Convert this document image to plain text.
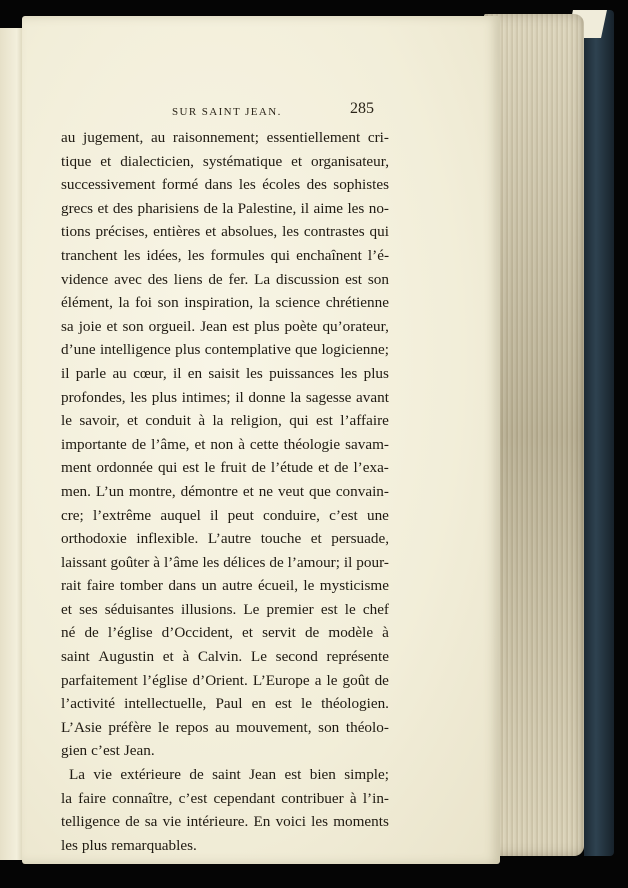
SUR SAINT JEAN.	285
au jugement, au raisonnement; essentiellement cri-
tique et dialecticien, systématique et organisateur,
successivement formé dans les écoles des sophistes
grecs et des pharisiens de la Palestine, il aime les no-
tions précises, entières et absolues, les contrastes qui
tranchent les idées, les formules qui enchaînent l’é-
vidence avec des liens de fer. La discussion est son
élément, la foi son inspiration, la science chrétienne
sa joie et son orgueil. Jean est plus poète qu’orateur,
d’une intelligence plus contemplative que logicienne;
il parle au cœur, il en saisit les puissances les plus
profondes, les plus intimes; il donne la sagesse avant
le savoir, et conduit à la religion, qui est l’affaire
importante de l’âme, et non à cette théologie savam-
ment ordonnée qui est le fruit de l’étude et de l’exa-
men. L’un montre, démontre et ne veut que convain-
cre; l’extrême auquel il peut conduire, c’est une
orthodoxie inflexible. L’autre touche et persuade,
laissant goûter à l’âme les délices de l’amour; il pour-
rait faire tomber dans un autre écueil, le mysticisme
et ses séduisantes illusions. Le premier est le chef
né de l’église d’Occident, et servit de modèle à
saint Augustin et à Calvin. Le second représente
parfaitement l’église d’Orient. L’Europe a le goût de
l’activité intellectuelle, Paul en est le théologien.
L’Asie préfère le repos au mouvement, son théolo-
gien c’est Jean.
La vie extérieure de saint Jean est bien simple;
la faire connaître, c’est cependant contribuer à l’in-
telligence de sa vie intérieure. En voici les moments
les plus remarquables.
